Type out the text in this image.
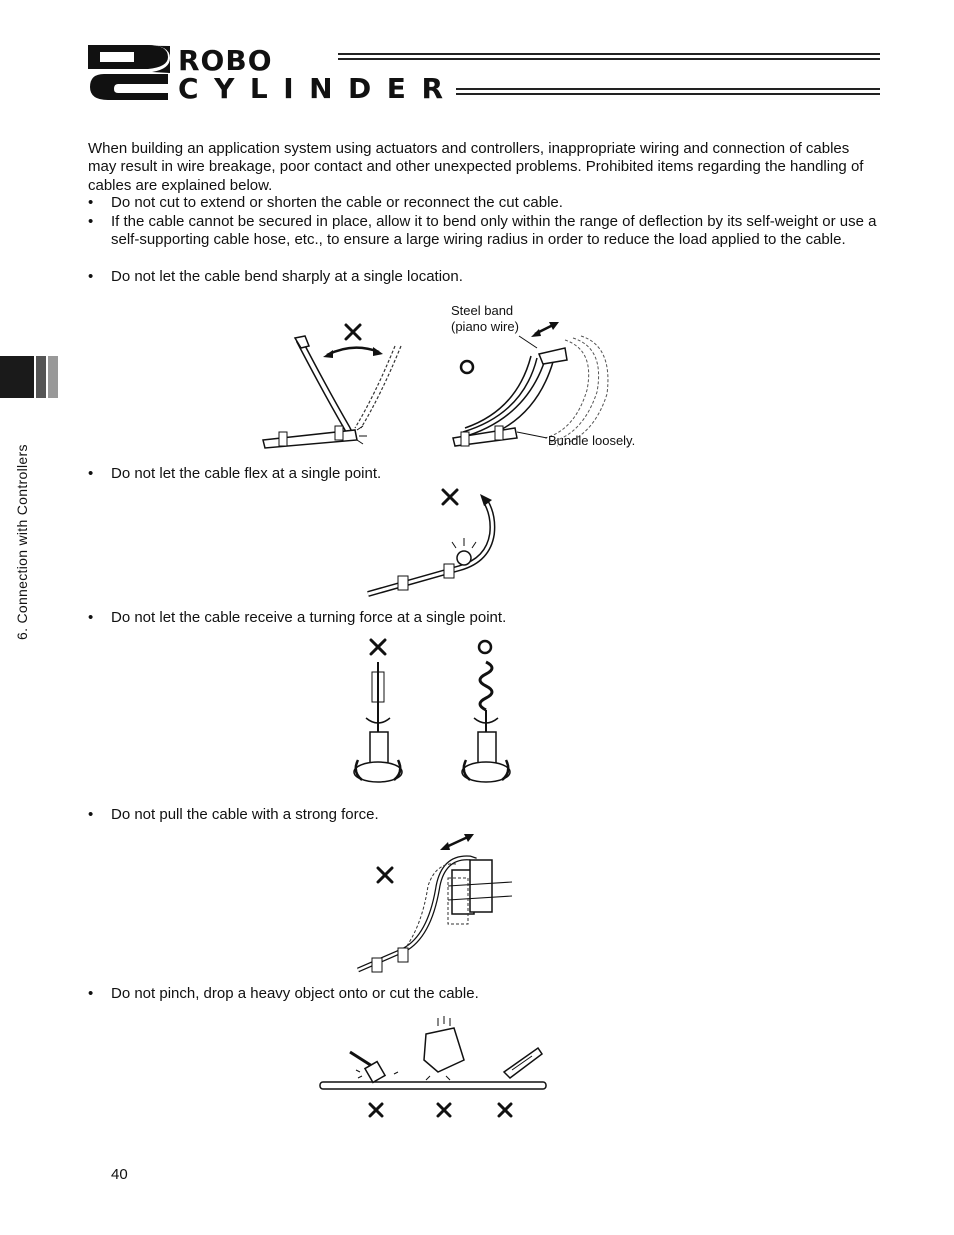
ROBO
CYLINDER
6. Connection with Controllers
When building an application system using actuators and controllers, inappropriate wiring and connection of cables may result in wire breakage, poor contact and other unexpected problems. Prohibited items regarding the handling of cables are explained below.
•	Do not cut to extend or shorten the cable or reconnect the cut cable.
•	If the cable cannot be secured in place, allow it to bend only within the range of deflection by its self-weight or use a self-supporting cable hose, etc., to ensure a large wiring radius in order to reduce the load applied to the cable.
•	Do not let the cable bend sharply at a single location.
Steel band
(piano wire)
Bundle loosely.
•	Do not let the cable flex at a single point.
•	Do not let the cable receive a turning force at a single point.
•	Do not pull the cable with a strong force.
•	Do not pinch, drop a heavy object onto or cut the cable.
40
